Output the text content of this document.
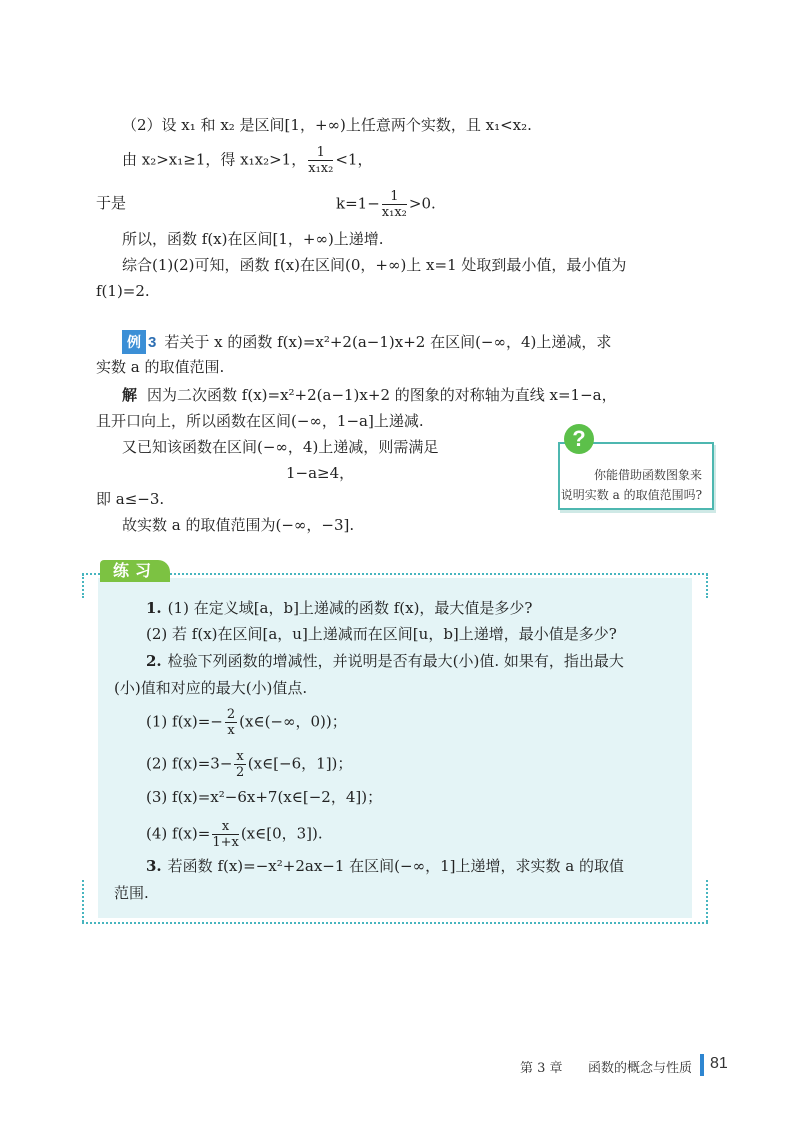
（2）设 x₁ 和 x₂ 是区间[1，+∞)上任意两个实数，且 x₁<x₂.
由 x₂>x₁≥1，得 x₁x₂>1， $\frac{1}{\text{x₁x₂}} <1$，
于是	$k=1- \frac{1}{\text{x₁x₂}} >0$.
所以，函数 f(x)在区间[1，+∞)上递增.
综合(1)(2)可知，函数 f(x)在区间(0，+∞)上 x=1 处取到最小值，最小值为
f(1)=2.
例 3 若关于 x 的函数 f(x)=x²+2(a−1)x+2 在区间(−∞，4)上递减，求
实数 a 的取值范围.
解 因为二次函数 f(x)=x²+2(a−1)x+2 的图象的对称轴为直线 x=1−a，
且开口向上，所以函数在区间(−∞，1−a]上递减.
又已知该函数在区间(−∞，4)上递减，则需满足
1−a≥4，
即 a≤−3.
故实数 a 的取值范围为(−∞，−3].
你能借助函数图象来
说明实数 a 的取值范围吗?
?
练习
1. (1) 在定义域[a，b]上递减的函数 f(x)，最大值是多少?
(2) 若 f(x)在区间[a，u]上递减而在区间[u，b]上递增，最小值是多少?
2. 检验下列函数的增减性，并说明是否有最大(小)值. 如果有，指出最大
(小)值和对应的最大(小)值点.
(1) $f(x)=- \frac{2}{x}$ (x∈(−∞，0))；
(2) $f(x)=3- \frac{x}{2}$ (x∈[−6，1])；
(3) f(x)=x²−6x+7(x∈[−2，4])；
(4) $f(x)= \frac{x}{1+x}$ (x∈[0，3]).
3. 若函数 f(x)=−x²+2ax−1 在区间(−∞，1]上递增，求实数 a 的取值
范围.
第 3 章 函数的概念与性质 81
